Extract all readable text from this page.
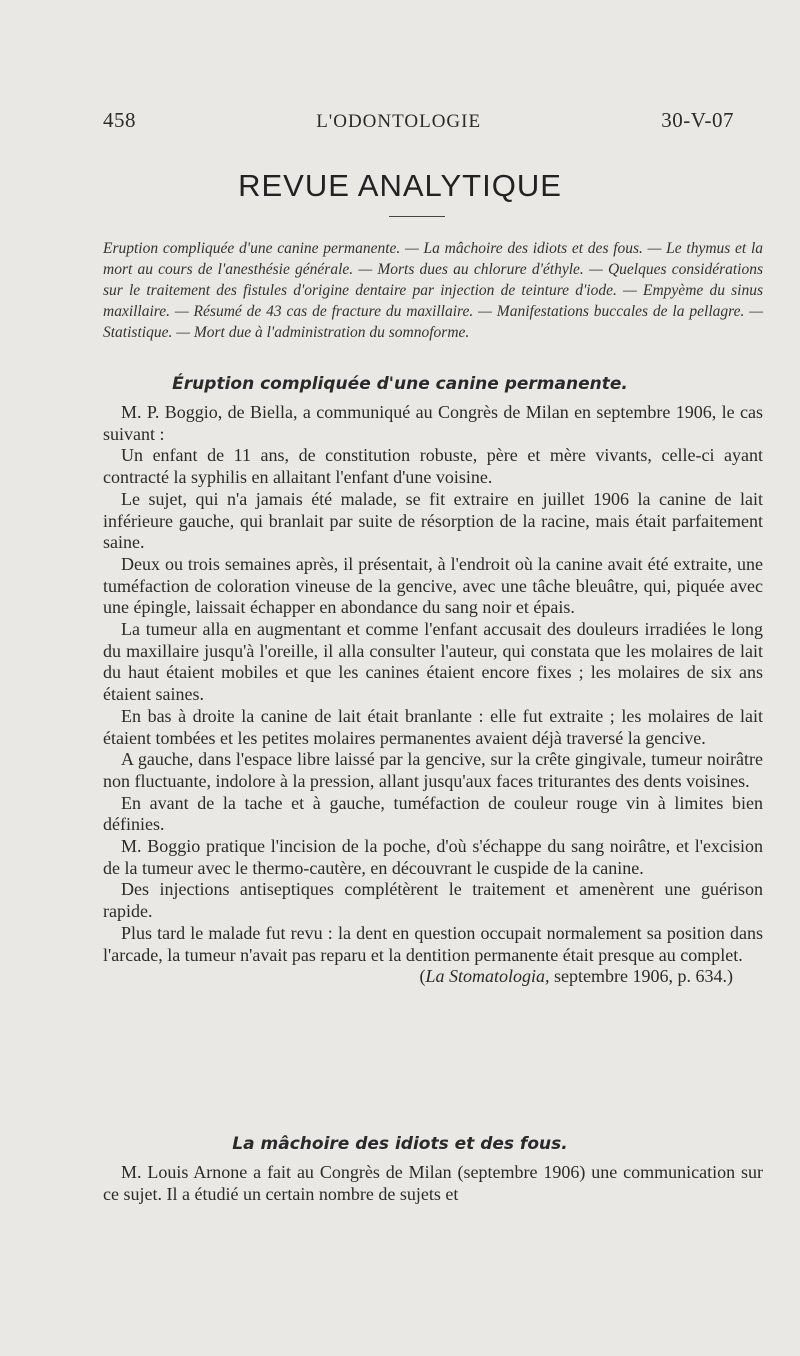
458	L'ODONTOLOGIE	30-V-07
REVUE ANALYTIQUE
Eruption compliquée d'une canine permanente. — La mâchoire des idiots et des fous. — Le thymus et la mort au cours de l'anesthésie générale. — Morts dues au chlorure d'éthyle. — Quelques considérations sur le traitement des fistules d'origine dentaire par injection de teinture d'iode. — Empyème du sinus maxillaire. — Résumé de 43 cas de fracture du maxillaire. — Manifestations buccales de la pellagre. — Statistique. — Mort due à l'administration du somnoforme.
Éruption compliquée d'une canine permanente.

M. P. Boggio, de Biella, a communiqué au Congrès de Milan en septembre 1906, le cas suivant :

Un enfant de 11 ans, de constitution robuste, père et mère vivants, celle-ci ayant contracté la syphilis en allaitant l'enfant d'une voisine.

Le sujet, qui n'a jamais été malade, se fit extraire en juillet 1906 la canine de lait inférieure gauche, qui branlait par suite de résorption de la racine, mais était parfaitement saine.

Deux ou trois semaines après, il présentait, à l'endroit où la canine avait été extraite, une tuméfaction de coloration vineuse de la gencive, avec une tâche bleuâtre, qui, piquée avec une épingle, laissait échapper en abondance du sang noir et épais.

La tumeur alla en augmentant et comme l'enfant accusait des douleurs irradiées le long du maxillaire jusqu'à l'oreille, il alla consulter l'auteur, qui constata que les molaires de lait du haut étaient mobiles et que les canines étaient encore fixes ; les molaires de six ans étaient saines.

En bas à droite la canine de lait était branlante : elle fut extraite ; les molaires de lait étaient tombées et les petites molaires permanentes avaient déjà traversé la gencive.

A gauche, dans l'espace libre laissé par la gencive, sur la crête gingivale, tumeur noirâtre non fluctuante, indolore à la pression, allant jusqu'aux faces triturantes des dents voisines.

En avant de la tache et à gauche, tuméfaction de couleur rouge vin à limites bien définies.

M. Boggio pratique l'incision de la poche, d'où s'échappe du sang noirâtre, et l'excision de la tumeur avec le thermo-cautère, en découvrant le cuspide de la canine.

Des injections antiseptiques complétèrent le traitement et amenèrent une guérison rapide.

Plus tard le malade fut revu : la dent en question occupait normalement sa position dans l'arcade, la tumeur n'avait pas reparu et la dentition permanente était presque au complet.

(La Stomatologia, septembre 1906, p. 634.)

La mâchoire des idiots et des fous.

M. Louis Arnone a fait au Congrès de Milan (septembre 1906) une communication sur ce sujet. Il a étudié un certain nombre de sujets et
